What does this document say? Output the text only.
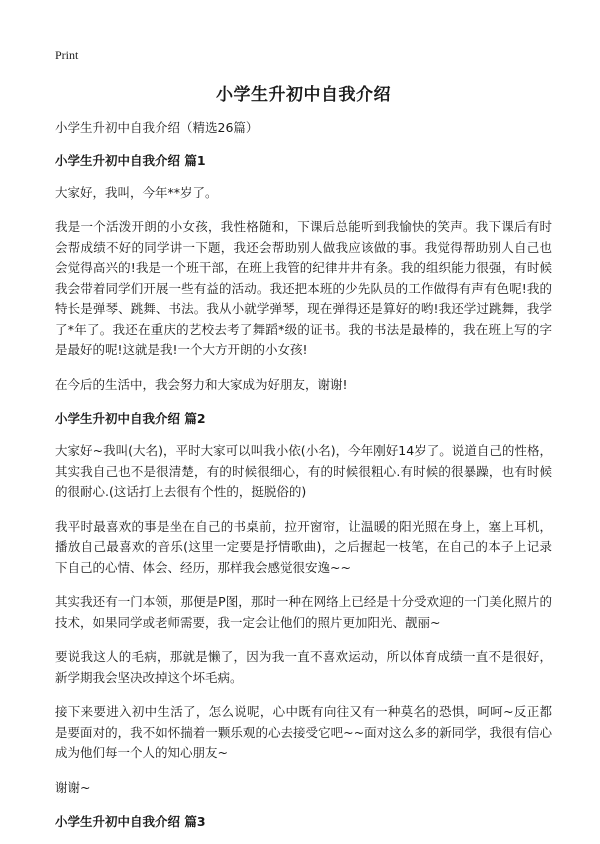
Print
小学生升初中自我介绍

小学生升初中自我介绍（精选26篇）

小学生升初中自我介绍 篇1

大家好，我叫，今年**岁了。

我是一个活泼开朗的小女孩，我性格随和，下课后总能听到我愉快的笑声。我下课后有时会帮成绩不好的同学讲一下题，我还会帮助别人做我应该做的事。我觉得帮助别人自己也会觉得高兴的!我是一个班干部，在班上我管的纪律井井有条。我的组织能力很强，有时候我会带着同学们开展一些有益的活动。我还把本班的少先队员的工作做得有声有色呢!我的特长是弹琴、跳舞、书法。我从小就学弹琴，现在弹得还是算好的哟!我还学过跳舞，我学了*年了。我还在重庆的艺校去考了舞蹈*级的证书。我的书法是最棒的，我在班上写的字是最好的呢!这就是我!一个大方开朗的小女孩!

在今后的生活中，我会努力和大家成为好朋友，谢谢!

小学生升初中自我介绍 篇2

大家好~我叫(大名)，平时大家可以叫我小依(小名)，今年刚好14岁了。说道自己的性格，其实我自己也不是很清楚，有的时候很细心，有的时候很粗心.有时候的很暴躁，也有时候的很耐心.(这话打上去很有个性的，挺脱俗的)

我平时最喜欢的事是坐在自己的书桌前，拉开窗帘，让温暖的阳光照在身上，塞上耳机，播放自己最喜欢的音乐(这里一定要是抒情歌曲)，之后握起一枝笔，在自己的本子上记录下自己的心情、体会、经历，那样我会感觉很安逸~~

其实我还有一门本领，那便是P图，那时一种在网络上已经是十分受欢迎的一门美化照片的技术，如果同学或老师需要，我一定会让他们的照片更加阳光、靓丽~

要说我这人的毛病，那就是懒了，因为我一直不喜欢运动，所以体育成绩一直不是很好，新学期我会坚决改掉这个坏毛病。

接下来要进入初中生活了，怎么说呢，心中既有向往又有一种莫名的恐惧，呵呵~反正都是要面对的，我不如怀揣着一颗乐观的心去接受它吧~~面对这么多的新同学，我很有信心成为他们每一个人的知心朋友~

谢谢~

小学生升初中自我介绍 篇3
